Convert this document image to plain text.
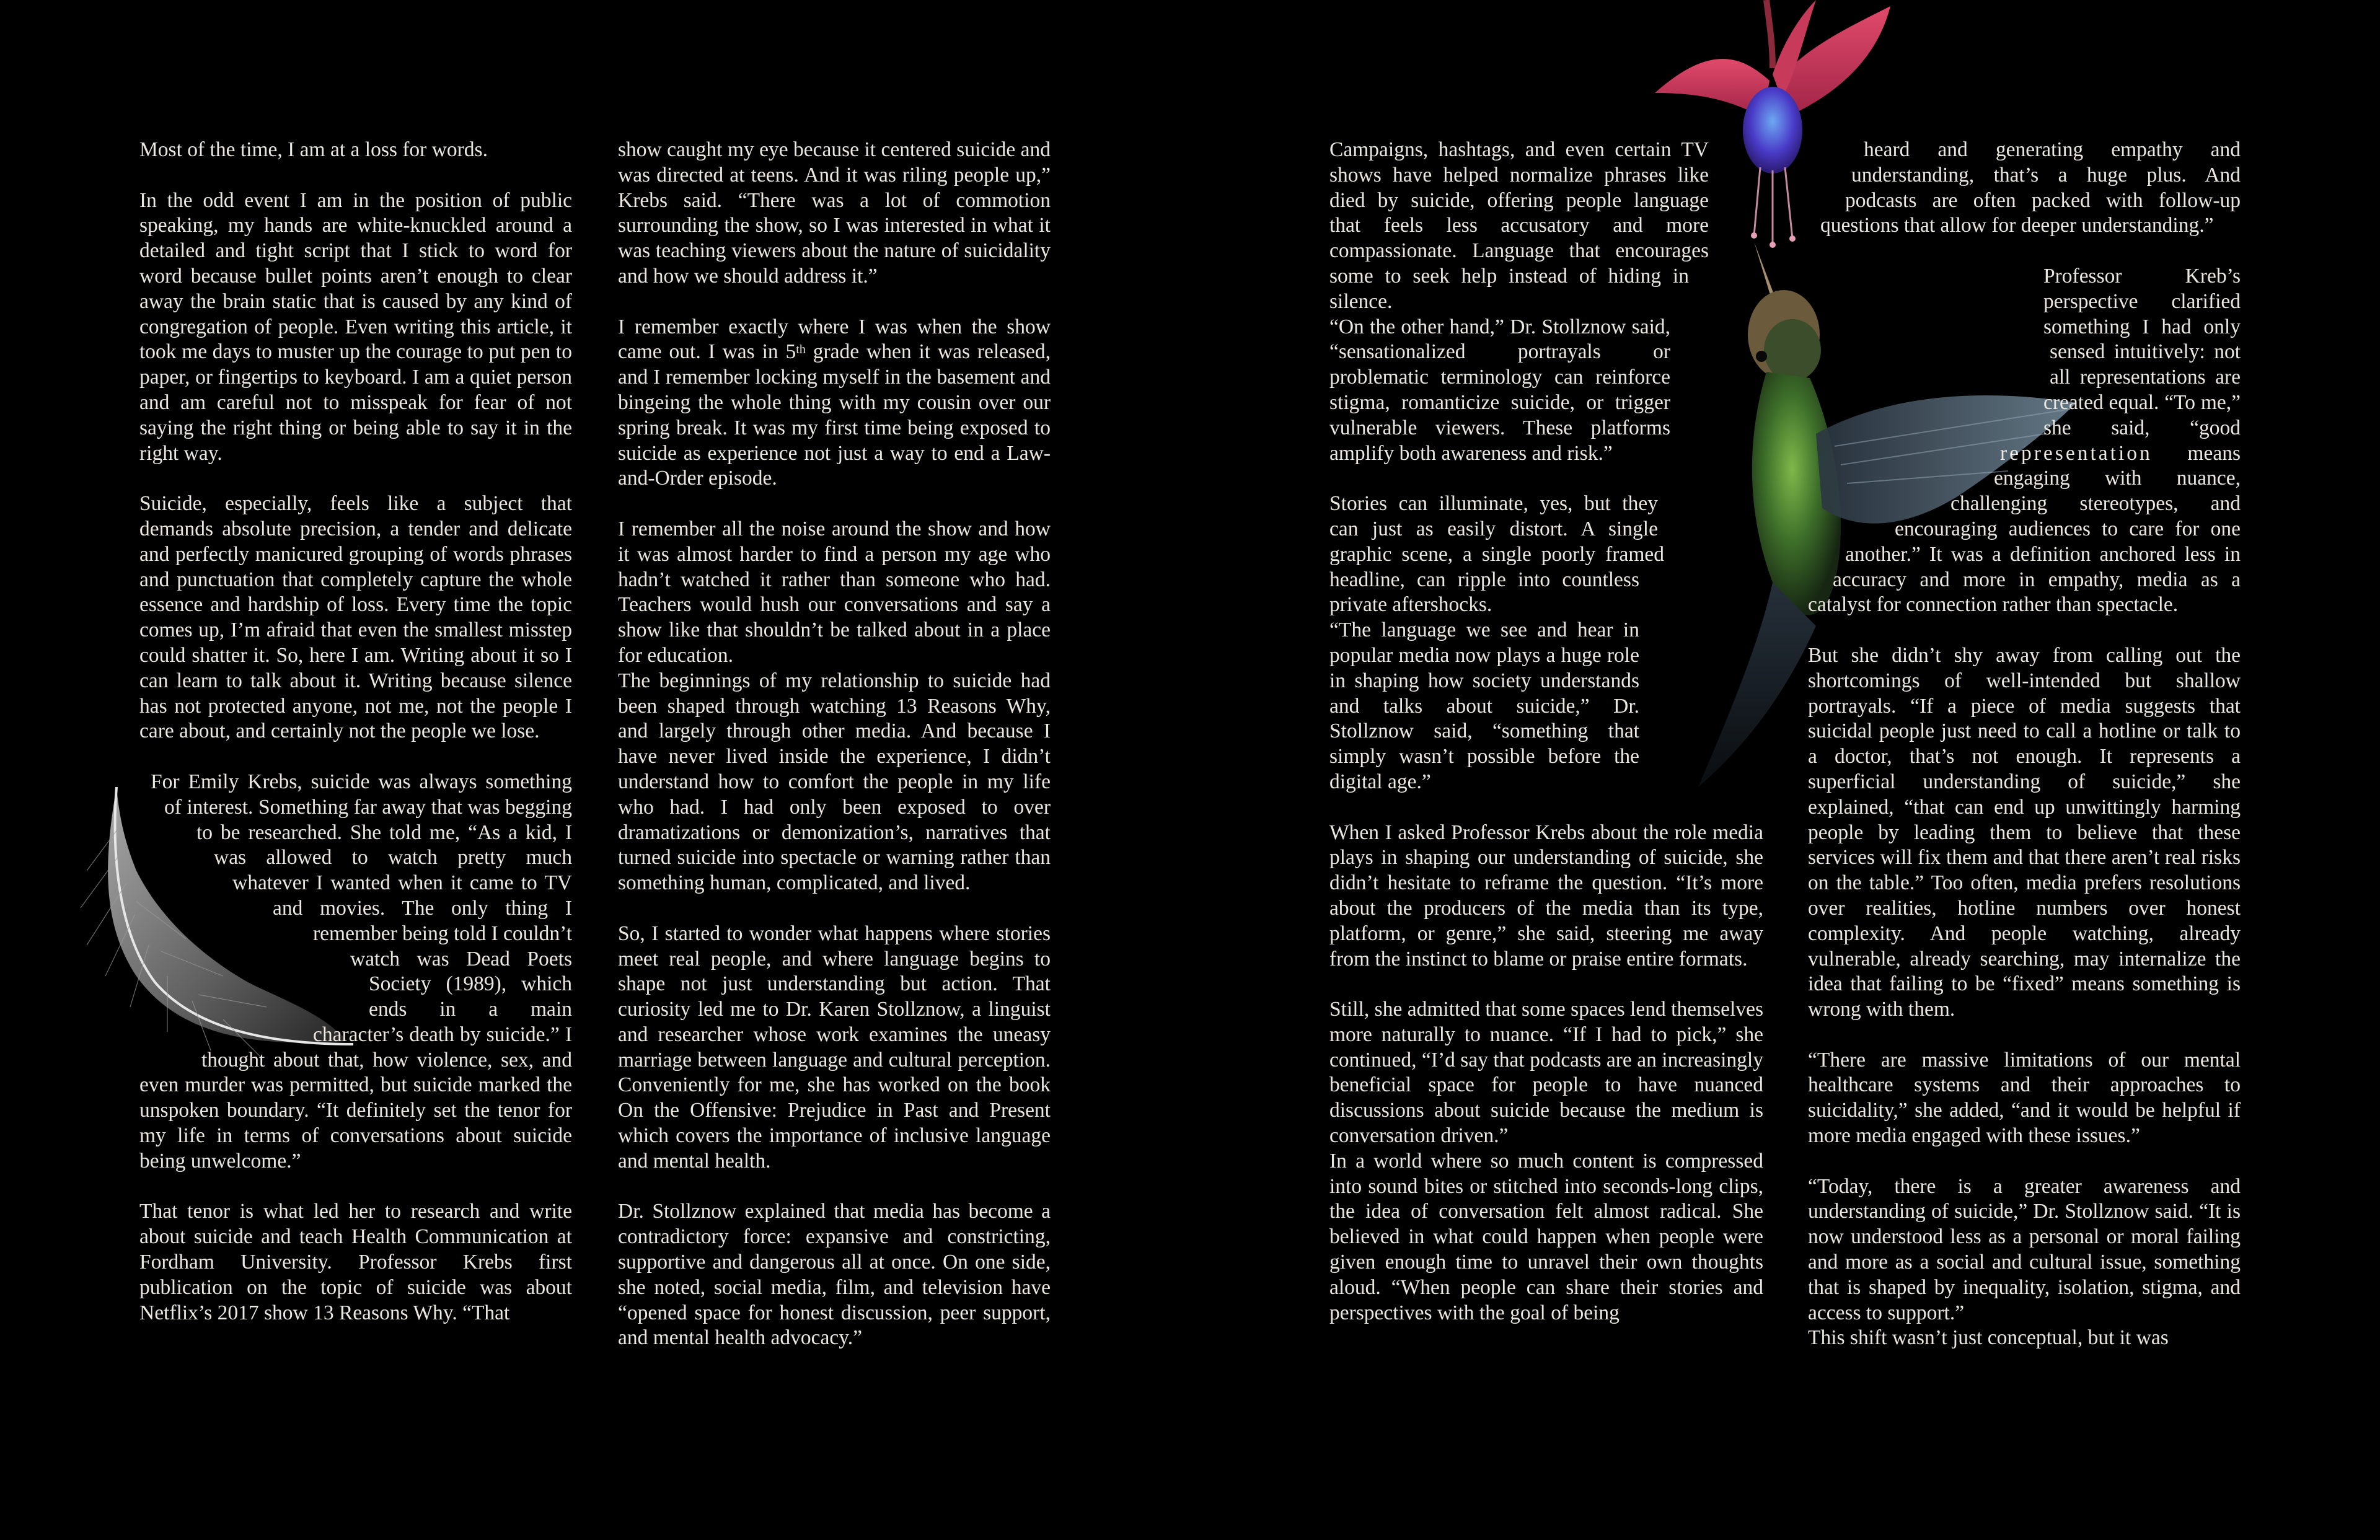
Most of the time, I am at a loss for words.

In the odd event I am in the position of public speaking, my hands are white-knuckled around a detailed and tight script that I stick to word for word because bullet points aren’t enough to clear away the brain static that is caused by any kind of congregation of people. Even writing this article, it took me days to muster up the courage to put pen to paper, or fingertips to keyboard. I am a quiet person and am careful not to misspeak for fear of not saying the right thing or being able to say it in the right way.

Suicide, especially, feels like a subject that demands absolute precision, a tender and delicate and perfectly manicured grouping of words phrases and punctuation that completely capture the whole essence and hardship of loss. Every time the topic comes up, I’m afraid that even the smallest misstep could shatter it. So, here I am. Writing about it so I can learn to talk about it. Writing because silence has not protected anyone, not me, not the people I care about, and certainly not the people we lose.

For Emily Krebs, suicide was always something of interest. Something far away that was begging to be researched. She told me, “As a kid, I was allowed to watch pretty much whatever I wanted when it came to TV and movies. The only thing I remember being told I couldn’t watch was Dead Poets Society (1989), which ends in a main character’s death by suicide.” I thought about that, how violence, sex, and even murder was permitted, but suicide marked the unspoken boundary. “It definitely set the tenor for my life in terms of conversations about suicide being unwelcome.”

That tenor is what led her to research and write about suicide and teach Health Communication at Fordham University. Professor Krebs first publication on the topic of suicide was about Netflix’s 2017 show 13 Reasons Why. “That

show caught my eye because it centered suicide and was directed at teens. And it was riling people up,” Krebs said. “There was a lot of commotion surrounding the show, so I was interested in what it was teaching viewers about the nature of suicidality and how we should address it.”

I remember exactly where I was when the show came out. I was in 5th grade when it was released, and I remember locking myself in the basement and bingeing the whole thing with my cousin over our spring break. It was my first time being exposed to suicide as experience not just a way to end a Law-and-Order episode.

I remember all the noise around the show and how it was almost harder to find a person my age who hadn’t watched it rather than someone who had. Teachers would hush our conversations and say a show like that shouldn’t be talked about in a place for education.

The beginnings of my relationship to suicide had been shaped through watching 13 Reasons Why, and largely through other media. And because I have never lived inside the experience, I didn’t understand how to comfort the people in my life who had. I had only been exposed to over dramatizations or demonization’s, narratives that turned suicide into spectacle or warning rather than something human, complicated, and lived.

So, I started to wonder what happens where stories meet real people, and where language begins to shape not just understanding but action. That curiosity led me to Dr. Karen Stollznow, a linguist and researcher whose work examines the uneasy marriage between language and cultural perception. Conveniently for me, she has worked on the book On the Offensive: Prejudice in Past and Present which covers the importance of inclusive language and mental health.

Dr. Stollznow explained that media has become a contradictory force: expansive and constricting, supportive and dangerous all at once. On one side, she noted, social media, film, and television have “opened space for honest discussion, peer support, and mental health advocacy.”

Campaigns, hashtags, and even certain TV shows have helped normalize phrases like died by suicide, offering people language that feels less accusatory and more compassionate. Language that encourages some to seek help instead of hiding in silence.

“On the other hand,” Dr. Stollznow said, “sensationalized portrayals or problematic terminology can reinforce stigma, romanticize suicide, or trigger vulnerable viewers. These platforms amplify both awareness and risk.”

Stories can illuminate, yes, but they can just as easily distort. A single graphic scene, a single poorly framed headline, can ripple into countless private aftershocks.

“The language we see and hear in popular media now plays a huge role in shaping how society understands and talks about suicide,” Dr. Stollznow said, “something that simply wasn’t possible before the digital age.”

When I asked Professor Krebs about the role media plays in shaping our understanding of suicide, she didn’t hesitate to reframe the question. “It’s more about the producers of the media than its type, platform, or genre,” she said, steering me away from the instinct to blame or praise entire formats.

Still, she admitted that some spaces lend themselves more naturally to nuance. “If I had to pick,” she continued, “I’d say that podcasts are an increasingly beneficial space for people to have nuanced discussions about suicide because the medium is conversation driven.”

In a world where so much content is compressed into sound bites or stitched into seconds-long clips, the idea of conversation felt almost radical. She believed in what could happen when people were given enough time to unravel their own thoughts aloud. “When people can share their stories and perspectives with the goal of being

heard and generating empathy and understanding, that’s a huge plus. And podcasts are often packed with follow-up questions that allow for deeper understanding.”

Professor Kreb’s perspective clarified something I had only sensed intuitively: not all representations are created equal. “To me,” she said, “good representation means engaging with nuance, challenging stereotypes, and encouraging audiences to care for one another.” It was a definition anchored less in accuracy and more in empathy, media as a catalyst for connection rather than spectacle.

But she didn’t shy away from calling out the shortcomings of well-intended but shallow portrayals. “If a piece of media suggests that suicidal people just need to call a hotline or talk to a doctor, that’s not enough. It represents a superficial understanding of suicide,” she explained, “that can end up unwittingly harming people by leading them to believe that these services will fix them and that there aren’t real risks on the table.” Too often, media prefers resolutions over realities, hotline numbers over honest complexity. And people watching, already vulnerable, already searching, may internalize the idea that failing to be “fixed” means something is wrong with them.

“There are massive limitations of our mental healthcare systems and their approaches to suicidality,” she added, “and it would be helpful if more media engaged with these issues.”

“Today, there is a greater awareness and understanding of suicide,” Dr. Stollznow said. “It is now understood less as a personal or moral failing and more as a social and cultural issue, something that is shaped by inequality, isolation, stigma, and access to support.”

This shift wasn’t just conceptual, but it was
